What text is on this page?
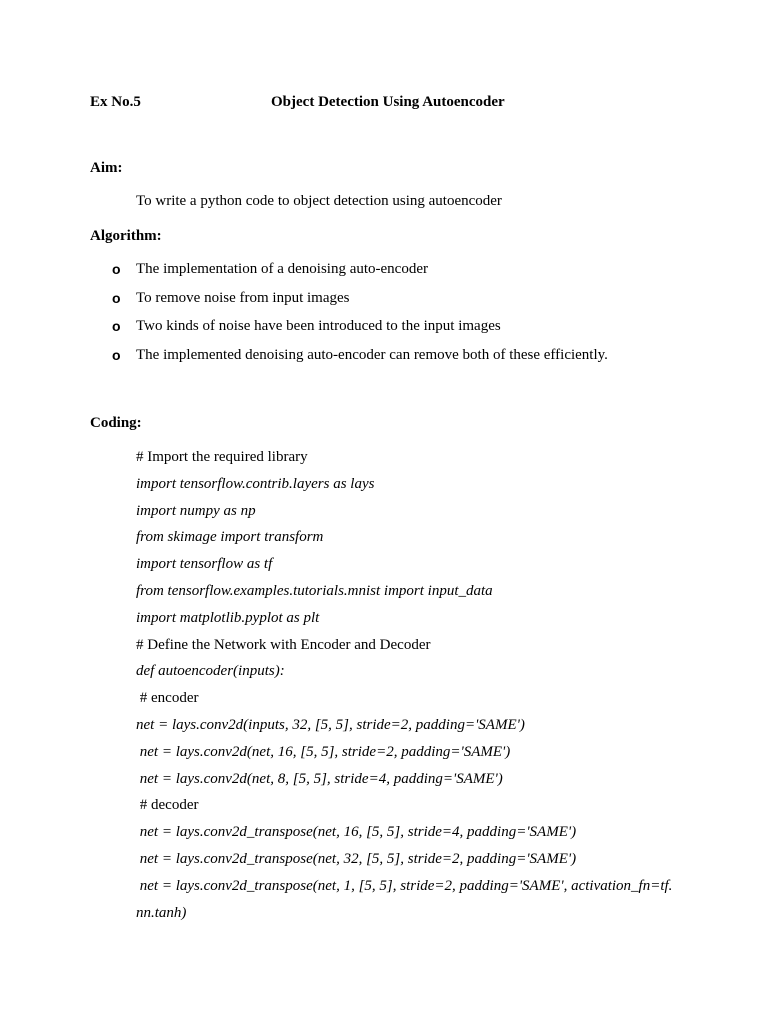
Ex No.5	Object Detection Using Autoencoder
Aim:
To write a python code to object detection using autoencoder
Algorithm:
o The implementation of a denoising auto-encoder
o To remove noise from input images
o Two kinds of noise have been introduced to the input images
o The implemented denoising auto-encoder can remove both of these efficiently.
Coding:
# Import the required library
import tensorflow.contrib.layers as lays
import numpy as np
from skimage import transform
import tensorflow as tf
from tensorflow.examples.tutorials.mnist import input_data
import matplotlib.pyplot as plt
# Define the Network with Encoder and Decoder
def autoencoder(inputs):
# encoder
net = lays.conv2d(inputs, 32, [5, 5], stride=2, padding='SAME')
net = lays.conv2d(net, 16, [5, 5], stride=2, padding='SAME')
net = lays.conv2d(net, 8, [5, 5], stride=4, padding='SAME')
# decoder
net = lays.conv2d_transpose(net, 16, [5, 5], stride=4, padding='SAME')
net = lays.conv2d_transpose(net, 32, [5, 5], stride=2, padding='SAME')
net = lays.conv2d_transpose(net, 1, [5, 5], stride=2, padding='SAME', activation_fn=tf.
nn.tanh)
